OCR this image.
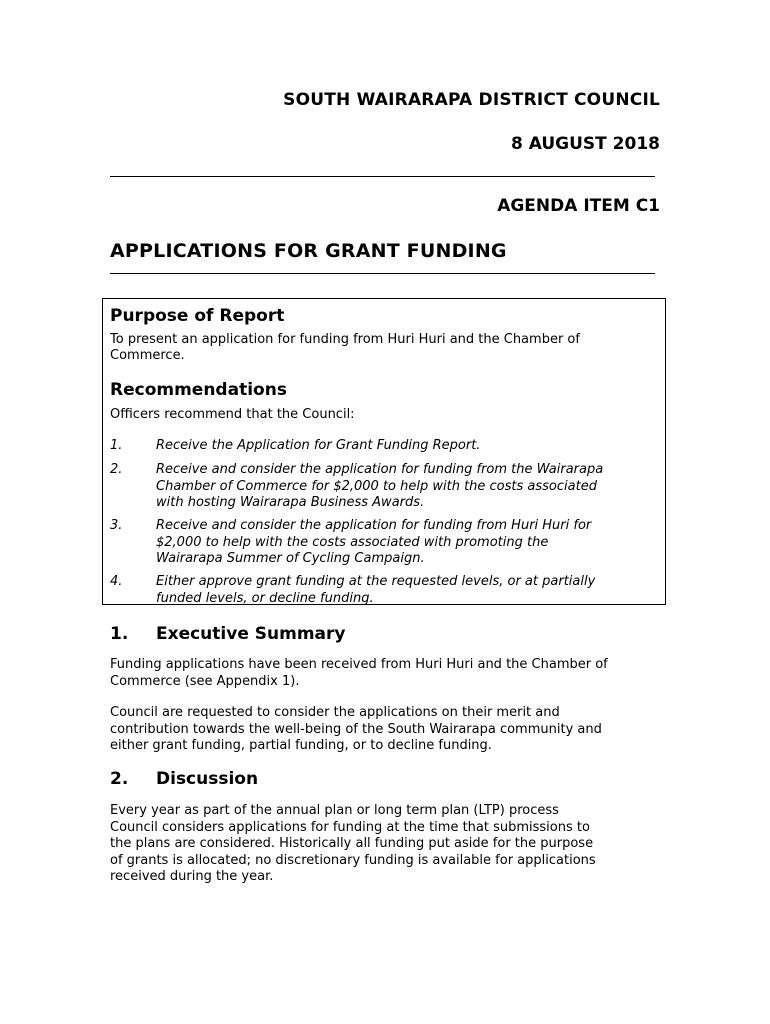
SOUTH WAIRARAPA DISTRICT COUNCIL
8 AUGUST 2018
AGENDA ITEM C1
APPLICATIONS FOR GRANT FUNDING
Purpose of Report
To present an application for funding from Huri Huri and the Chamber of
Commerce.
Recommendations
Officers recommend that the Council:
1.	Receive the Application for Grant Funding Report.
2.	Receive and consider the application for funding from the Wairarapa
Chamber of Commerce for $2,000 to help with the costs associated
with hosting Wairarapa Business Awards.
3.	Receive and consider the application for funding from Huri Huri for
$2,000 to help with the costs associated with promoting the
Wairarapa Summer of Cycling Campaign.
4.	Either approve grant funding at the requested levels, or at partially
funded levels, or decline funding.
1. Executive Summary
Funding applications have been received from Huri Huri and the Chamber of
Commerce (see Appendix 1).
Council are requested to consider the applications on their merit and
contribution towards the well-being of the South Wairarapa community and
either grant funding, partial funding, or to decline funding.
2. Discussion
Every year as part of the annual plan or long term plan (LTP) process
Council considers applications for funding at the time that submissions to
the plans are considered. Historically all funding put aside for the purpose
of grants is allocated; no discretionary funding is available for applications
received during the year.
